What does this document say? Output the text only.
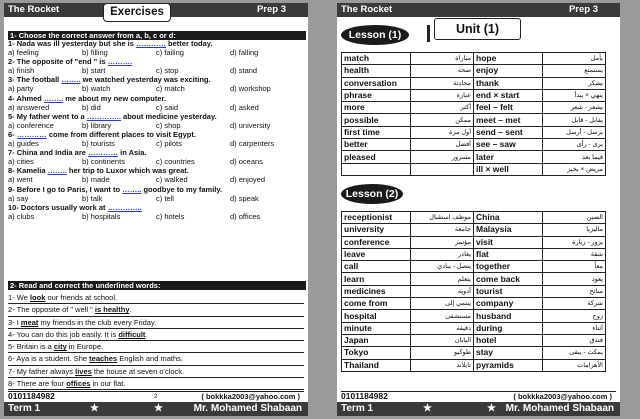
The Rocket	Prep 3
Exercises
1- Choose the correct answer from a, b, c or d:
1- Nada was ill yesterday but she is ………… better today.
a) feeling	b) filling	c) failing	d) falling
2- The opposite of "end " is ……….
a) finish	b) start	c) stop	d) stand
3- The football …….. we watched yesterday was exciting.
a) party	b) watch	c) match	d) workshop
4- Ahmed …….. me about my new computer.
a) answered	b) did	c) said	d) asked
5- My father went to a ………….. about medicine yesterday.
a) conference	b) library	c) shop	d) university
6- ………… come from different places to visit Egypt.
a) guides	b) tourists	c) pilots	d) carpenters
7- China and India are ………… in Asia.
a) cities	b) continents	c) countries	d) oceans
8- Kamelia …….. her trip to Luxor which was great.
a) went	b) made	c) walked	d) enjoyed
9- Before I go to Paris, I want to …….. goodbye to my family.
a) say	b) talk	c) tell	d) speak
10- Doctors usually work at …………..
a) clubs	b) hospitals	c) hotels	d) offices
2- Read and correct the underlined words:
1- We look our friends at school.
2- The opposite of " well " is healthy.
3- I meat my friends in the club every Friday.
4- You can do this job easily. It is difficult.
5- Britain is a city in Europe.
6- Aya is a student. She teaches English and maths.
7- My father always lives the house at seven o'clock.
8- There are four offices in our flat.
0101184982	2	( bokkka2003@yahoo.com )
Term 1	★	★	Mr. Mohamed Shabaan
The Rocket	Prep 3
Unit (1)
Lesson (1)
match	مباراة	hope	يأمل
health	صحة	enjoy	يستمتع
conversation	محادثة	thank	يشكر
phrase	عبارة	end × start	ينهي × يبدأ
more	أكثر	feel – felt	يشعر - شعر
possible	ممكن	meet – met	يقابل - قابل
first time	أول مرة	send – sent	يرسل - أرسل
better	أفضل	see – saw	يرى - رأى
pleased	مسرور	later	فيما بعد
		ill × well	مريض × بخير
Lesson (2)
receptionist	موظف استقبال	China	الصين
university	جامعة	Malaysia	ماليزيا
conference	مؤتمر	visit	يزور - زيارة
leave	يغادر	flat	شقة
call	يتصل - ينادي	together	معاً
learn	يتعلم	come back	يعود
medicines	أدوية	tourist	سائح
come from	ينتمي إلى	company	شركة
hospital	مستشفى	husband	زوج
minute	دقيقة	during	أثناء
Japan	اليابان	hotel	فندق
Tokyo	طوكيو	stay	يمكث - يبقى
Thailand	تايلاند	pyramids	الأهرامات
0101184982	( bokkka2003@yahoo.com )
Term 1	★	★ Mr. Mohamed Shabaan
